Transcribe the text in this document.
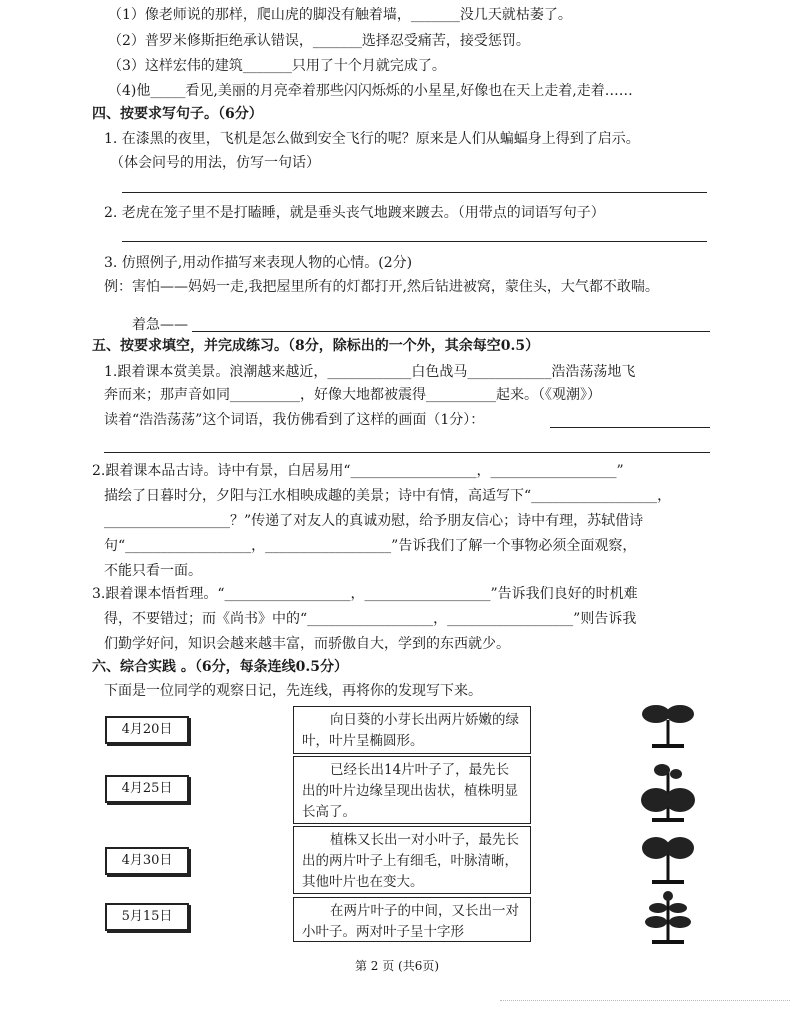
（1）像老师说的那样，爬山虎的脚没有触着墙，_______没几天就枯萎了。
（2）普罗米修斯拒绝承认错误，_______选择忍受痛苦，接受惩罚。
（3）这样宏伟的建筑_______只用了十个月就完成了。
（4)他_____看见,美丽的月亮牵着那些闪闪烁烁的小星星,好像也在天上走着,走着……
四、按要求写句子。（6分）
1. 在漆黑的夜里，飞机是怎么做到安全飞行的呢？原来是人们从蝙蝠身上得到了启示。
（体会问号的用法，仿写一句话）
2. 老虎在笼子里不是打瞌睡，就是垂头丧气地踱来踱去。（用带点的词语写句子）
3. 仿照例子,用动作描写来表现人物的心情。(2分)
例：害怕——妈妈一走,我把屋里所有的灯都打开,然后钻进被窝，蒙住头，大气都不敢喘。
着急——
五、按要求填空，并完成练习。（8分，除标出的一个外，其余每空0.5）
1.跟着课本赏美景。浪潮越来越近，____________白色战马____________浩浩荡荡地飞
奔而来；那声音如同__________，好像大地都被震得__________起来。（《观潮》）
读着“浩浩荡荡”这个词语，我仿佛看到了这样的画面（1分）：
2.跟着课本品古诗。诗中有景，白居易用“__________________，__________________”
描绘了日暮时分，夕阳与江水相映成趣的美景；诗中有情，高适写下“__________________，
__________________？”传递了对友人的真诚劝慰，给予朋友信心；诗中有理，苏轼借诗
句“__________________，__________________”告诉我们了解一个事物必须全面观察，
不能只看一面。
3.跟着课本悟哲理。“__________________，__________________”告诉我们良好的时机难
得，不要错过；而《尚书》中的“__________________，__________________”则告诉我
们勤学好问，知识会越来越丰富，而骄傲自大，学到的东西就少。
六、综合实践 。（6分，每条连线0.5分）
下面是一位同学的观察日记，先连线，再将你的发现写下来。
4月20日
4月25日
4月30日
5月15日
向日葵的小芽长出两片娇嫩的绿叶，叶片呈椭圆形。
已经长出14片叶子了，最先长出的叶片边缘呈现出齿状，植株明显长高了。
植株又长出一对小叶子，最先长出的两片叶子上有细毛，叶脉清晰，其他叶片也在变大。
在两片叶子的中间，又长出一对小叶子。两对叶子呈十字形
第 2 页 (共6页)
